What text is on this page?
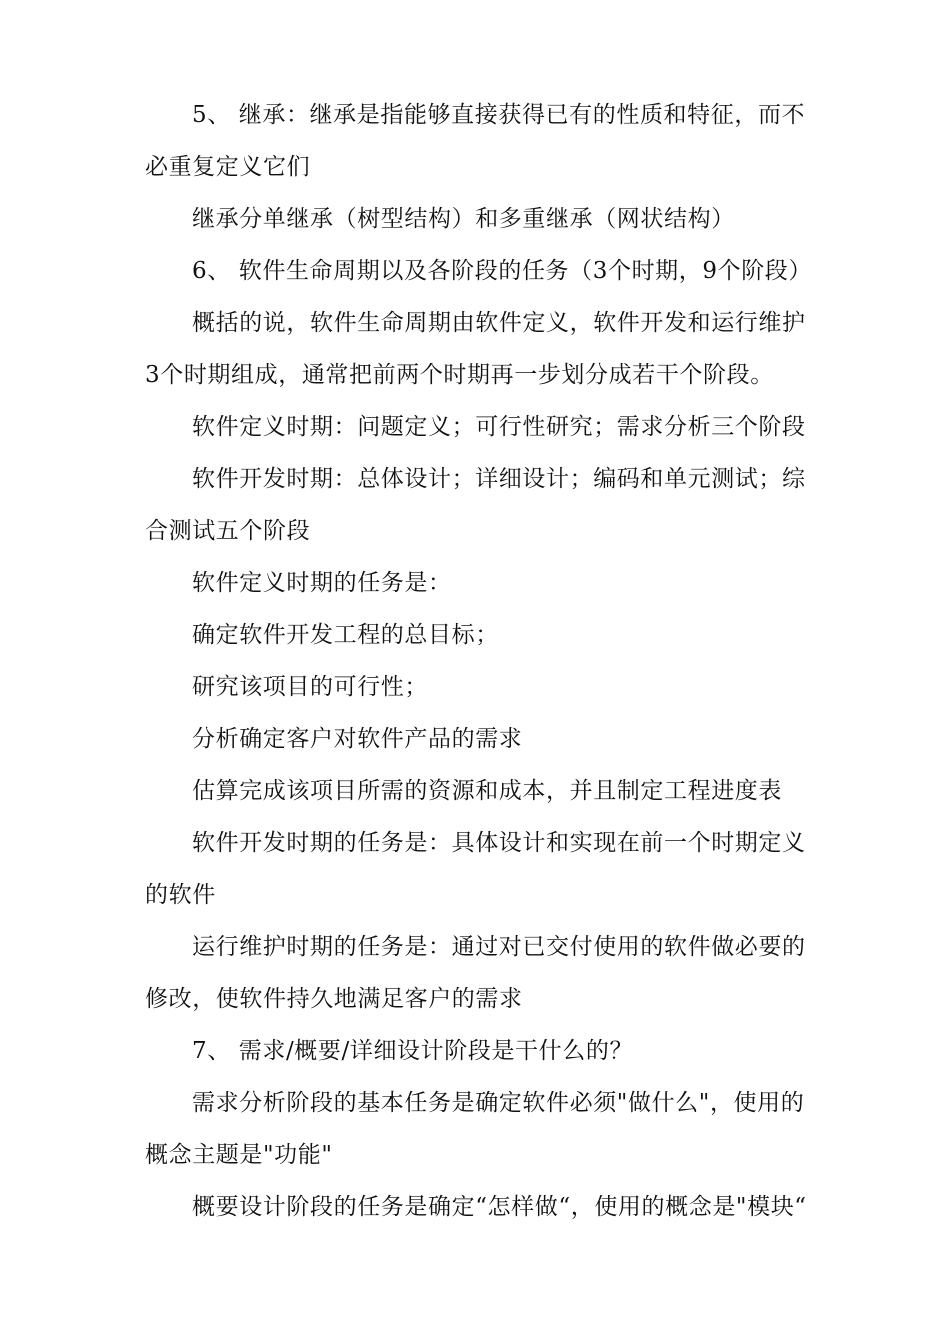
5、 继承：继承是指能够直接获得已有的性质和特征，而不必重复定义它们

继承分单继承（树型结构）和多重继承（网状结构）

6、 软件生命周期以及各阶段的任务（3个时期，9个阶段）

概括的说，软件生命周期由软件定义，软件开发和运行维护3个时期组成，通常把前两个时期再一步划分成若干个阶段。

软件定义时期：问题定义；可行性研究；需求分析三个阶段

软件开发时期：总体设计；详细设计；编码和单元测试；综合测试五个阶段

软件定义时期的任务是：

确定软件开发工程的总目标；

研究该项目的可行性；

分析确定客户对软件产品的需求

估算完成该项目所需的资源和成本，并且制定工程进度表

软件开发时期的任务是：具体设计和实现在前一个时期定义的软件

运行维护时期的任务是：通过对已交付使用的软件做必要的修改，使软件持久地满足客户的需求

7、 需求/概要/详细设计阶段是干什么的？

需求分析阶段的基本任务是确定软件必须"做什么"，使用的概念主题是"功能"

概要设计阶段的任务是确定“怎样做“，使用的概念是"模块“
